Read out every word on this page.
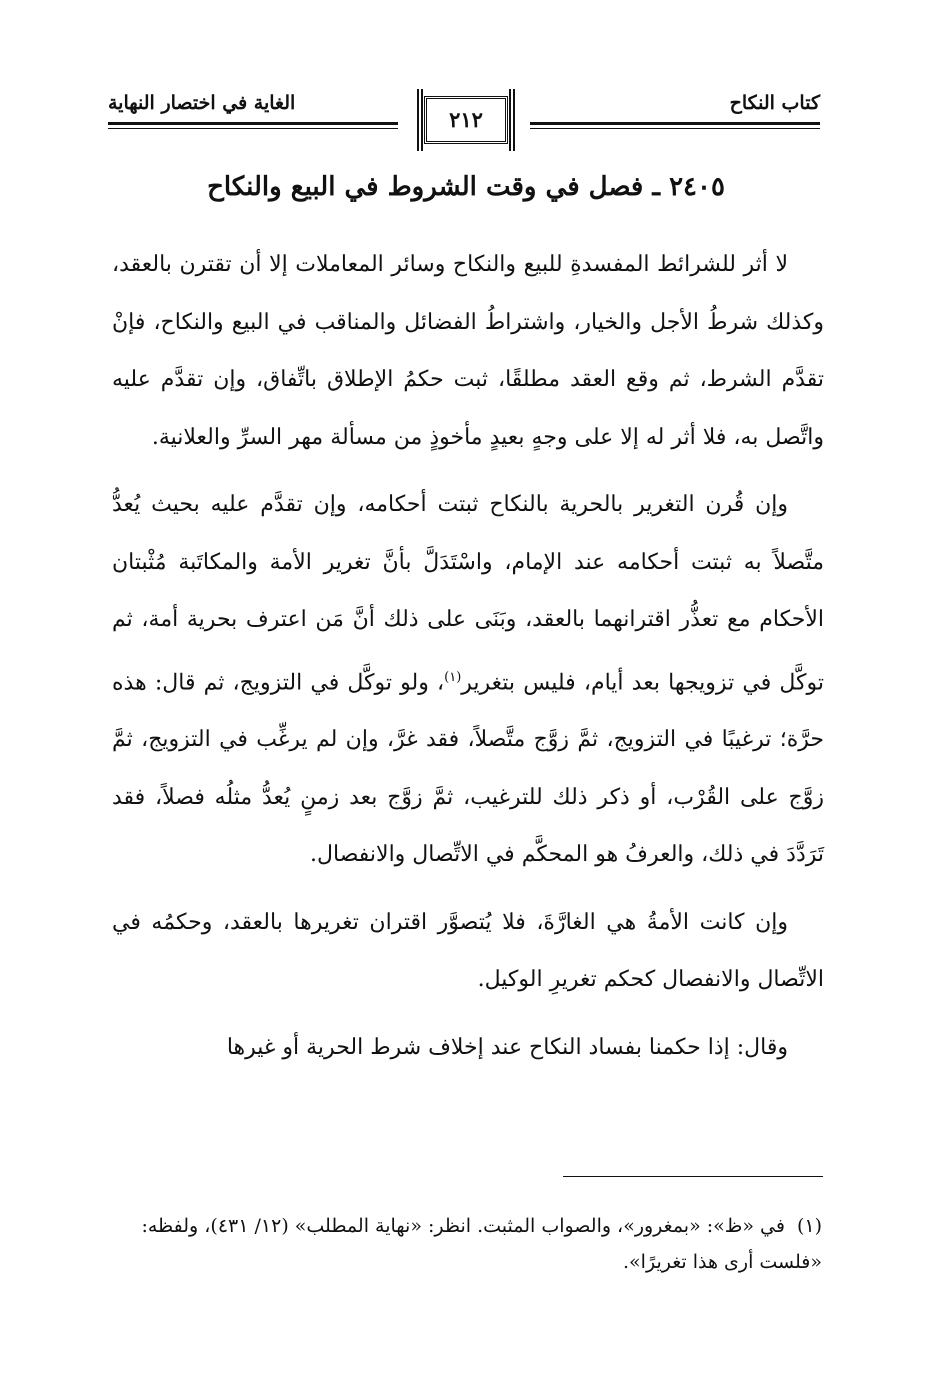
كتاب النكاح
الغاية في اختصار النهاية
٢١٢
٢٤٠٥ ـ فصل في وقت الشروط في البيع والنكاح

لا أثر للشرائط المفسدةِ للبيع والنكاح وسائر المعاملات إلا أن تقترن بالعقد، وكذلك شرطُ الأجل والخيار، واشتراطُ الفضائل والمناقب في البيع والنكاح، فإنْ تقدَّم الشرط، ثم وقع العقد مطلقًا، ثبت حكمُ الإطلاق باتِّفاق، وإن تقدَّم عليه واتَّصل به، فلا أثر له إلا على وجهٍ بعيدٍ مأخوذٍ من مسألة مهر السرِّ والعلانية.

وإن قُرن التغرير بالحرية بالنكاح ثبتت أحكامه، وإن تقدَّم عليه بحيث يُعدُّ متَّصلاً به ثبتت أحكامه عند الإمام، واسْتَدَلَّ بأنَّ تغرير الأمة والمكاتَبة مُثْبتان الأحكام مع تعذُّر اقترانهما بالعقد، وبَنَى على ذلك أنَّ مَن اعترف بحرية أمة، ثم توكَّل في تزويجها بعد أيام، فليس بتغرير$^{(١)}$، ولو توكَّل في التزويج، ثم قال: هذه حرَّة؛ ترغيبًا في التزويج، ثمَّ زوَّج متَّصلاً، فقد غرَّ، وإن لم يرغِّب في التزويج، ثمَّ زوَّج على القُرْب، أو ذكر ذلك للترغيب، ثمَّ زوَّج بعد زمنٍ يُعدُّ مثلُه فصلاً، فقد تَرَدَّدَ في ذلك، والعرفُ هو المحكَّم في الاتِّصال والانفصال.

وإن كانت الأمةُ هي الغارَّةَ، فلا يُتصوَّر اقتران تغريرها بالعقد، وحكمُه في الاتِّصال والانفصال كحكم تغريرِ الوكيل.

وقال: إذا حكمنا بفساد النكاح عند إخلاف شرط الحرية أو غيرها

(١)في «ظ»: «بمغرور»، والصواب المثبت. انظر: «نهاية المطلب» (١٢/ ٤٣١)، ولفظه: «فلست أرى هذا تغريرًا».
